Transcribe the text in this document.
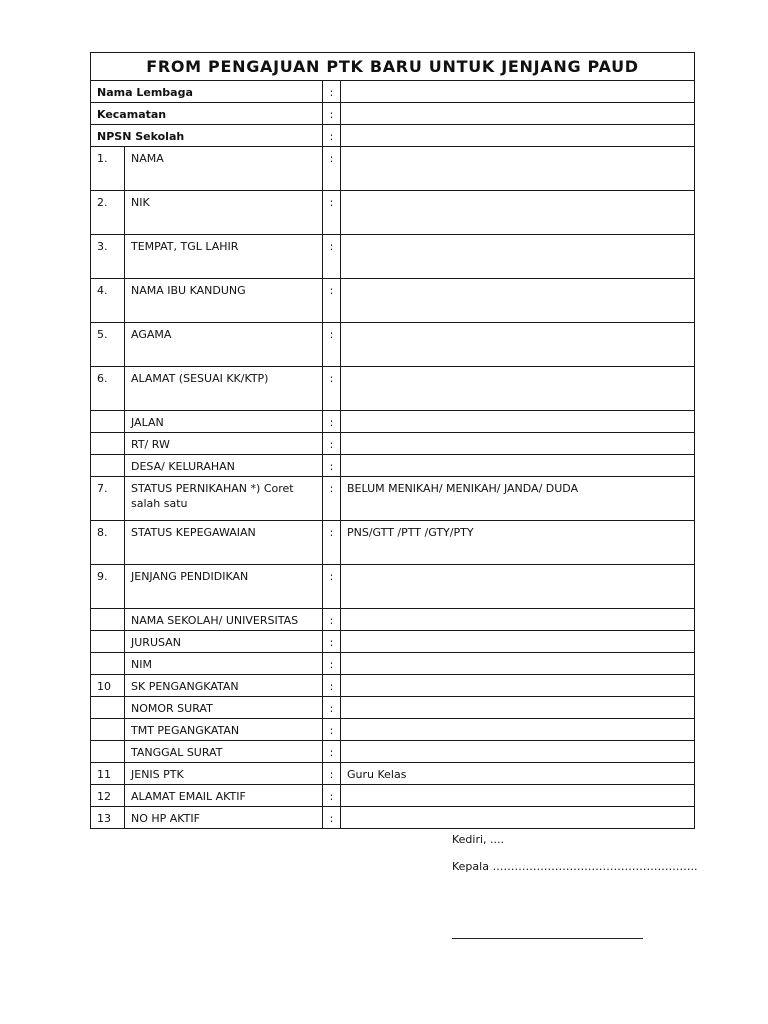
FROM PENGAJUAN PTK BARU UNTUK JENJANG PAUD			
Nama Lembaga		:	
Kecamatan		:	
NPSN Sekolah		:	
1.	NAMA	:	
2.	NIK	:	
3.	TEMPAT, TGL LAHIR	:	
4.	NAMA IBU KANDUNG	:	
5.	AGAMA	:	
6.	ALAMAT (SESUAI KK/KTP)	:	
	JALAN	:	
	RT/ RW	:	
	DESA/ KELURAHAN	:	
7.	STATUS PERNIKAHAN *) Coret salah satu	:	BELUM MENIKAH/ MENIKAH/ JANDA/ DUDA
8.	STATUS KEPEGAWAIAN	:	PNS/GTT /PTT /GTY/PTY
9.	JENJANG PENDIDIKAN	:	
	NAMA SEKOLAH/ UNIVERSITAS	:	
	JURUSAN	:	
	NIM	:	
10	SK PENGANGKATAN	:	
	NOMOR SURAT	:	
	TMT PEGANGKATAN	:	
	TANGGAL SURAT	:	
11	JENIS PTK	:	Guru Kelas
12	ALAMAT EMAIL AKTIF	:	
13	NO HP AKTIF	:	
Kediri, ....
Kepala ………………………………………………..
